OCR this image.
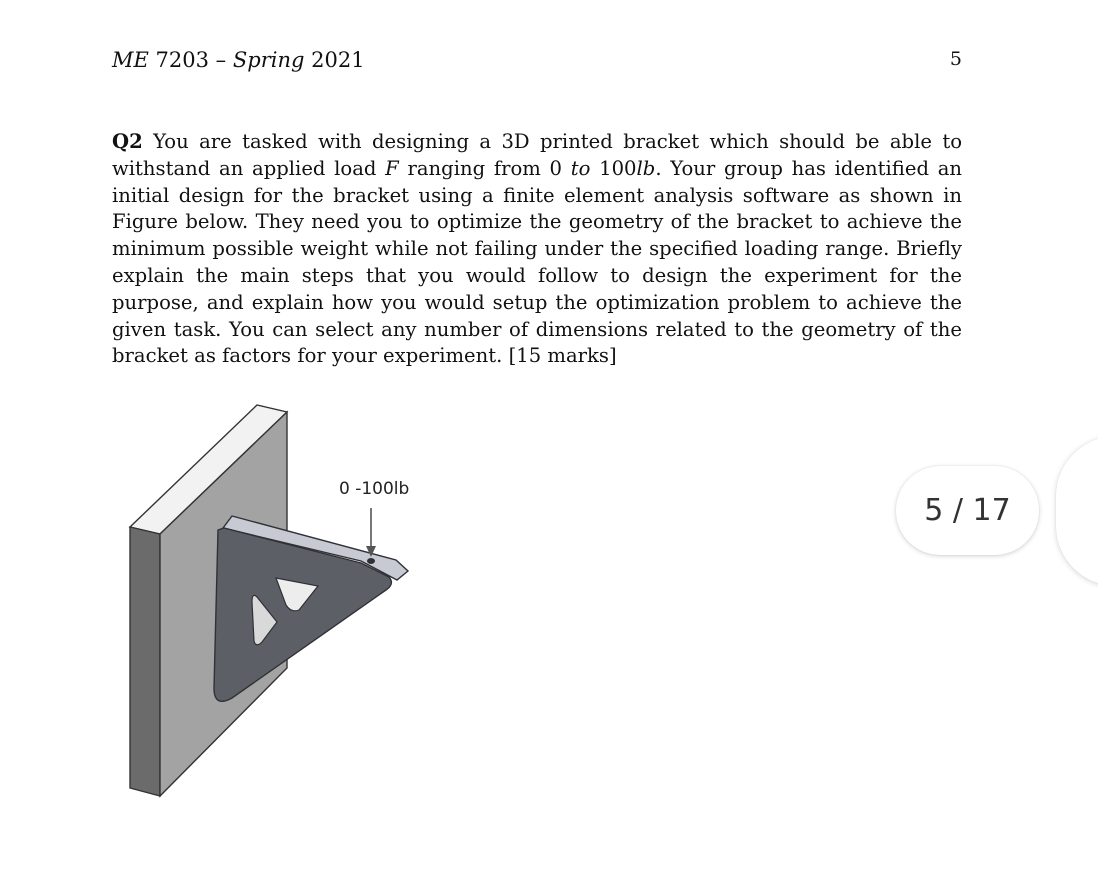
ME 7203 – Spring 2021	5
Q2 You are tasked with designing a 3D printed bracket which should be able to withstand an applied load F ranging from 0 to 100lb. Your group has identified an initial design for the bracket using a finite element analysis software as shown in Figure below. They need you to optimize the geometry of the bracket to achieve the minimum possible weight while not failing under the specified loading range. Briefly explain the main steps that you would follow to design the experiment for the purpose, and explain how you would setup the optimization problem to achieve the given task. You can select any number of dimensions related to the geometry of the bracket as factors for your experiment. [15 marks]
0 -100lb
5 / 17
